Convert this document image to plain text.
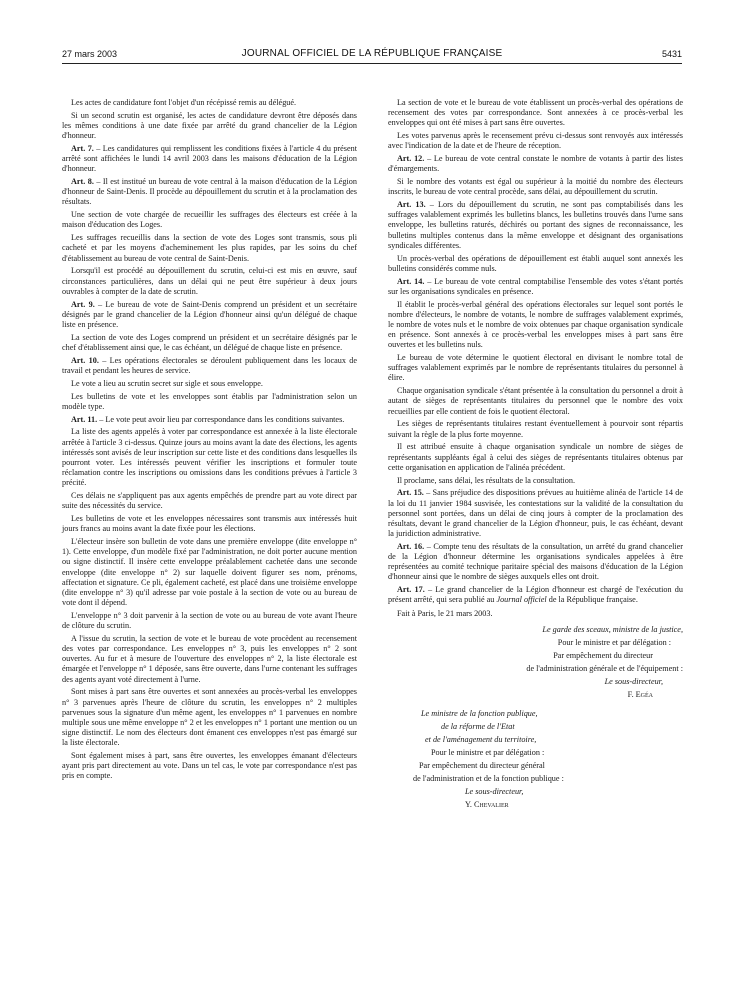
27 mars 2003	JOURNAL OFFICIEL DE LA RÉPUBLIQUE FRANÇAISE	5431

Les actes de candidature font l'objet d'un récépissé remis au délégué.

Si un second scrutin est organisé, les actes de candidature devront être déposés dans les mêmes conditions à une date fixée par arrêté du grand chancelier de la Légion d'honneur.

Art. 7. – Les candidatures qui remplissent les conditions fixées à l'article 4 du présent arrêté sont affichées le lundi 14 avril 2003 dans les maisons d'éducation de la Légion d'honneur.

Art. 8. – Il est institué un bureau de vote central à la maison d'éducation de la Légion d'honneur de Saint-Denis. Il procède au dépouillement du scrutin et à la proclamation des résultats.

Une section de vote chargée de recueillir les suffrages des électeurs est créée à la maison d'éducation des Loges.

Les suffrages recueillis dans la section de vote des Loges sont transmis, sous pli cacheté et par les moyens d'acheminement les plus rapides, par les soins du chef d'établissement au bureau de vote central de Saint-Denis.

Lorsqu'il est procédé au dépouillement du scrutin, celui-ci est mis en œuvre, sauf circonstances particulières, dans un délai qui ne peut être supérieur à deux jours ouvrables à compter de la date de scrutin.

Art. 9. – Le bureau de vote de Saint-Denis comprend un président et un secrétaire désignés par le grand chancelier de la Légion d'honneur ainsi qu'un délégué de chaque liste en présence.

La section de vote des Loges comprend un président et un secrétaire désignés par le chef d'établissement ainsi que, le cas échéant, un délégué de chaque liste en présence.

Art. 10. – Les opérations électorales se déroulent publiquement dans les locaux de travail et pendant les heures de service.

Le vote a lieu au scrutin secret sur sigle et sous enveloppe.

Les bulletins de vote et les enveloppes sont établis par l'administration selon un modèle type.

Art. 11. – Le vote peut avoir lieu par correspondance dans les conditions suivantes.

La liste des agents appelés à voter par correspondance est annexée à la liste électorale arrêtée à l'article 3 ci-dessus. Quinze jours au moins avant la date des élections, les agents intéressés sont avisés de leur inscription sur cette liste et des conditions dans lesquelles ils pourront voter. Les intéressés peuvent vérifier les inscriptions et formuler toute réclamation contre les inscriptions ou omissions dans les conditions prévues à l'article 3 précité.

Ces délais ne s'appliquent pas aux agents empêchés de prendre part au vote direct par suite des nécessités du service.

Les bulletins de vote et les enveloppes nécessaires sont transmis aux intéressés huit jours francs au moins avant la date fixée pour les élections.

L'électeur insère son bulletin de vote dans une première enveloppe (dite enveloppe n° 1). Cette enveloppe, d'un modèle fixé par l'administration, ne doit porter aucune mention ou signe distinctif. Il insère cette enveloppe préalablement cachetée dans une seconde enveloppe (dite enveloppe n° 2) sur laquelle doivent figurer ses nom, prénoms, affectation et signature. Ce pli, également cacheté, est placé dans une troisième enveloppe (dite enveloppe n° 3) qu'il adresse par voie postale à la section de vote ou au bureau de vote dont il dépend.

L'enveloppe n° 3 doit parvenir à la section de vote ou au bureau de vote avant l'heure de clôture du scrutin.

A l'issue du scrutin, la section de vote et le bureau de vote procèdent au recensement des votes par correspondance. Les enveloppes n° 3, puis les enveloppes n° 2 sont ouvertes. Au fur et à mesure de l'ouverture des enveloppes n° 2, la liste électorale est émargée et l'enveloppe n° 1 déposée, sans être ouverte, dans l'urne contenant les suffrages des agents ayant voté directement à l'urne.

Sont mises à part sans être ouvertes et sont annexées au procès-verbal les enveloppes n° 3 parvenues après l'heure de clôture du scrutin, les enveloppes n° 2 multiples parvenues sous la signature d'un même agent, les enveloppes n° 1 parvenues en nombre multiple sous une même enveloppe n° 2 et les enveloppes n° 1 portant une mention ou un signe distinctif. Le nom des électeurs dont émanent ces enveloppes n'est pas émargé sur la liste électorale.

Sont également mises à part, sans être ouvertes, les enveloppes émanant d'électeurs ayant pris part directement au vote. Dans un tel cas, le vote par correspondance n'est pas pris en compte.

La section de vote et le bureau de vote établissent un procès-verbal des opérations de recensement des votes par correspondance. Sont annexées à ce procès-verbal les enveloppes qui ont été mises à part sans être ouvertes.

Les votes parvenus après le recensement prévu ci-dessus sont renvoyés aux intéressés avec l'indication de la date et de l'heure de réception.

Art. 12. – Le bureau de vote central constate le nombre de votants à partir des listes d'émargements.

Si le nombre des votants est égal ou supérieur à la moitié du nombre des électeurs inscrits, le bureau de vote central procède, sans délai, au dépouillement du scrutin.

Art. 13. – Lors du dépouillement du scrutin, ne sont pas comptabilisés dans les suffrages valablement exprimés les bulletins blancs, les bulletins trouvés dans l'urne sans enveloppe, les bulletins raturés, déchirés ou portant des signes de reconnaissance, les bulletins multiples contenus dans la même enveloppe et désignant des organisations syndicales différentes.

Un procès-verbal des opérations de dépouillement est établi auquel sont annexés les bulletins considérés comme nuls.

Art. 14. – Le bureau de vote central comptabilise l'ensemble des votes s'étant portés sur les organisations syndicales en présence.

Il établit le procès-verbal général des opérations électorales sur lequel sont portés le nombre d'électeurs, le nombre de votants, le nombre de suffrages valablement exprimés, le nombre de votes nuls et le nombre de voix obtenues par chaque organisation syndicale en présence. Sont annexés à ce procès-verbal les enveloppes mises à part sans être ouvertes et les bulletins nuls.

Le bureau de vote détermine le quotient électoral en divisant le nombre total de suffrages valablement exprimés par le nombre de représentants titulaires du personnel à élire.

Chaque organisation syndicale s'étant présentée à la consultation du personnel a droit à autant de sièges de représentants titulaires du personnel que le nombre des voix recueillies par elle contient de fois le quotient électoral.

Les sièges de représentants titulaires restant éventuellement à pourvoir sont répartis suivant la règle de la plus forte moyenne.

Il est attribué ensuite à chaque organisation syndicale un nombre de sièges de représentants suppléants égal à celui des sièges de représentants titulaires obtenus par cette organisation en application de l'alinéa précédent.

Il proclame, sans délai, les résultats de la consultation.

Art. 15. – Sans préjudice des dispositions prévues au huitième alinéa de l'article 14 de la loi du 11 janvier 1984 susvisée, les contestations sur la validité de la consultation du personnel sont portées, dans un délai de cinq jours à compter de la proclamation des résultats, devant le grand chancelier de la Légion d'honneur, puis, le cas échéant, devant la juridiction administrative.

Art. 16. – Compte tenu des résultats de la consultation, un arrêté du grand chancelier de la Légion d'honneur détermine les organisations syndicales appelées à être représentées au comité technique paritaire spécial des maisons d'éducation de la Légion d'honneur ainsi que le nombre de sièges auxquels elles ont droit.

Art. 17. – Le grand chancelier de la Légion d'honneur est chargé de l'exécution du présent arrêté, qui sera publié au Journal officiel de la République française.

Fait à Paris, le 21 mars 2003.

Le garde des sceaux, ministre de la justice,

Pour le ministre et par délégation :

Par empêchement du directeur

de l'administration générale et de l'équipement :

Le sous-directeur,

F. Egéa

Le ministre de la fonction publique,

de la réforme de l'Etat

et de l'aménagement du territoire,

Pour le ministre et par délégation :

Par empêchement du directeur général

de l'administration et de la fonction publique :

Le sous-directeur,

Y. Chevalier
